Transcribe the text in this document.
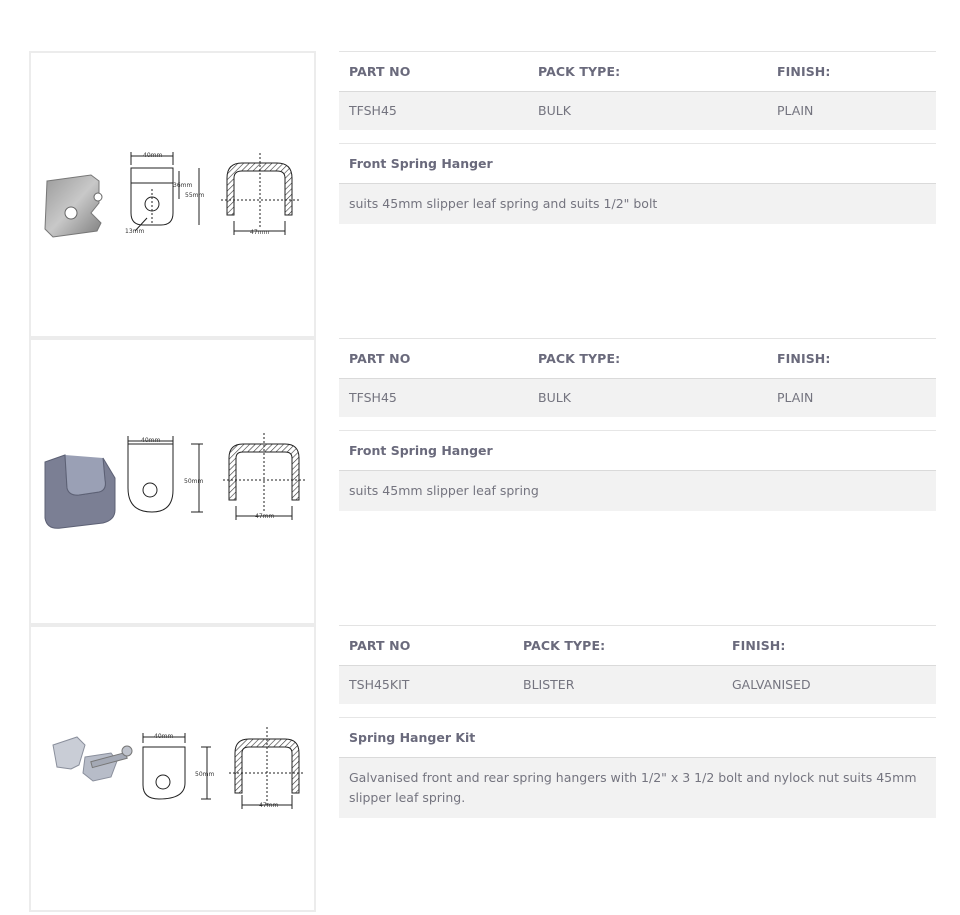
40mm
36mm
55mm
13mm	47mm
PART NO	PACK TYPE:	FINISH:
TFSH45	BULK	PLAIN
Front Spring Hanger
suits 45mm slipper leaf spring and suits 1/2" bolt
40mm
50mm
47mm
PART NO	PACK TYPE:	FINISH:
TFSH45	BULK	PLAIN
Front Spring Hanger
suits 45mm slipper leaf spring
40mm
50mm
47mm
PART NO	PACK TYPE:	FINISH:
TSH45KIT	BLISTER	GALVANISED
Spring Hanger Kit
Galvanised front and rear spring hangers with 1/2" x 3 1/2 bolt and nylock nut suits 45mm slipper leaf spring.
